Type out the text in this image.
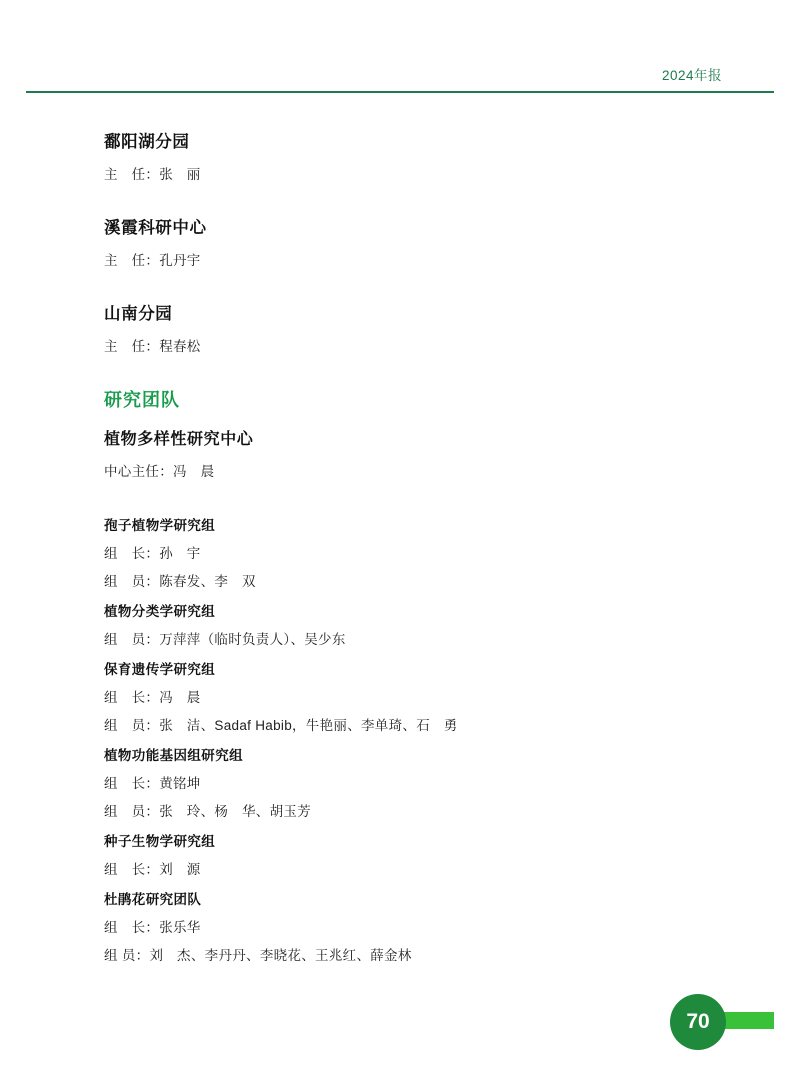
2024年报

鄱阳湖分园

主　任：张　丽

溪霞科研中心

主　任：孔丹宇

山南分园

主　任：程春松

研究团队

植物多样性研究中心

中心主任：冯　晨

孢子植物学研究组

组　长：孙　宇

组　员：陈春发、李　双

植物分类学研究组

组　员：万萍萍（临时负责人）、吴少东

保育遗传学研究组

组　长：冯　晨

组　员：张　洁、Sadaf Habib，牛艳丽、李单琦、石　勇

植物功能基因组研究组

组　长：黄铭坤

组　员：张　玲、杨　华、胡玉芳

种子生物学研究组

组　长：刘　源

杜鹃花研究团队

组　长：张乐华

组 员：刘　杰、李丹丹、李晓花、王兆红、薛金林

70
